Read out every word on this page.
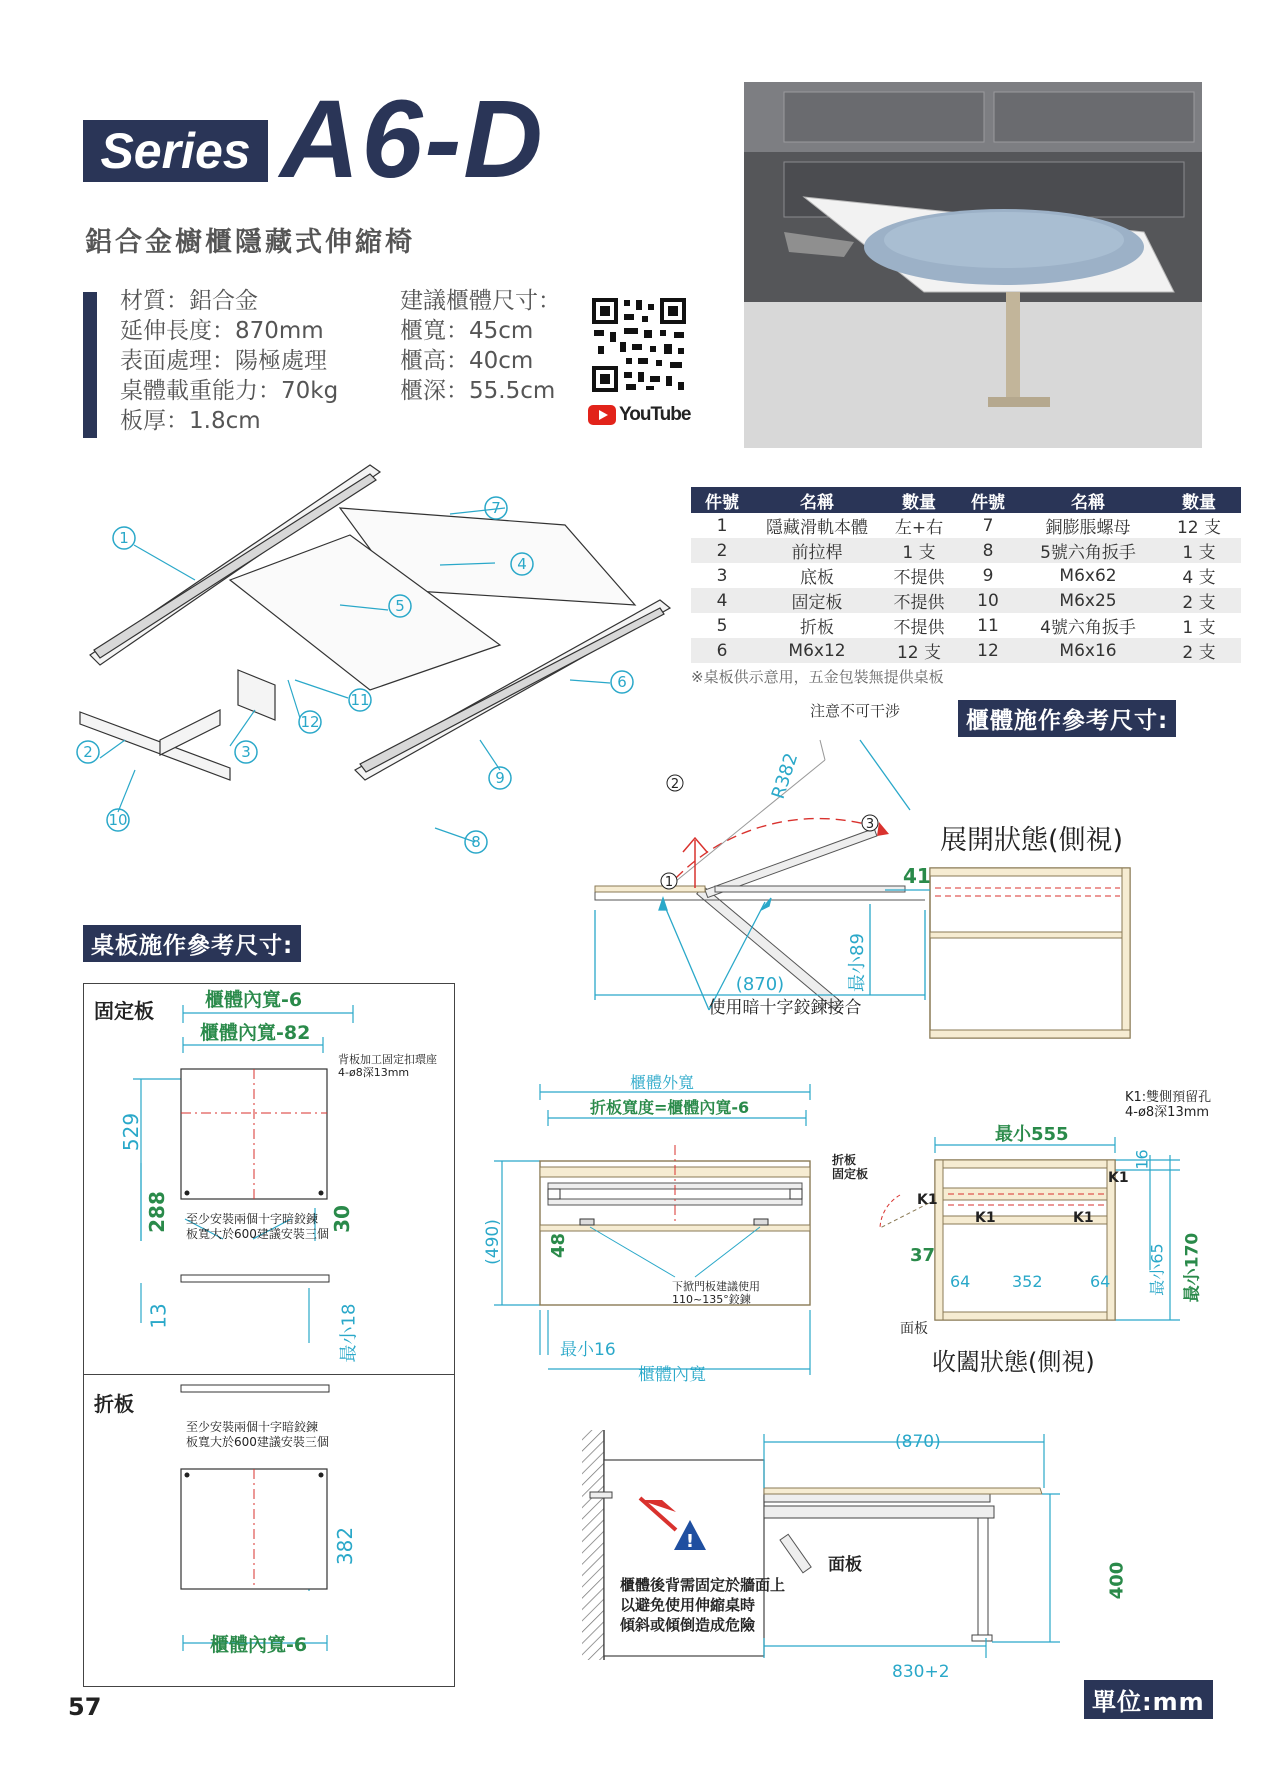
Series A6-D
鋁合金櫥櫃隱藏式伸縮椅
材質：鋁合金
延伸長度：870mm
表面處理：陽極處理
桌體載重能力：70kg
板厚：1.8cm
建議櫃體尺寸：
櫃寬：45cm
櫃高：40cm
櫃深：55.5cm
YouTube
件號	名稱	數量	件號	名稱	數量
1	隱藏滑軌本體	左+右	7	銅膨脹螺母	12 支
2	前拉桿	1 支	8	5號六角扳手	1 支
3	底板	不提供	9	M6x62	4 支
4	固定板	不提供	10	M6x25	2 支
5	折板	不提供	11	4號六角扳手	1 支
6	M6x12	12 支	12	M6x16	2 支
※桌板供示意用，五金包裝無提供桌板
1
2	3
4
5
6
7
8
9
10
11
12	櫃體施作參考尺寸:
注意不可干涉
展開狀態(側視)
1
2
3
R382
41
最小89
(870)
使用暗十字鉸鍊接合
桌板施作參考尺寸:
固定板
折板
櫃體內寬-6
櫃體內寬-82
背板加工固定扣環座
4-ø8深13mm
529
288	30
至少安裝兩個十字暗鉸鍊
板寬大於600建議安裝三個
13	最小18
至少安裝兩個十字暗鉸鍊
板寬大於600建議安裝三個
382
櫃體內寬-6
櫃體外寬
折板寬度=櫃體內寬-6
折板
固定板
(490)	48
下掀門板建議使用
110~135°鉸鍊
最小16
櫃體內寬
K1:雙側預留孔
4-ø8深13mm
最小555
16
K1
K1
K1	K1
37
64	352	64 最小65 最小170
面板
收闔狀態(側視)
!
(870)
面板
櫃體後背需固定於牆面上
以避免使用伸縮桌時
傾斜或傾倒造成危險
400
830+2
57	單位:mm
